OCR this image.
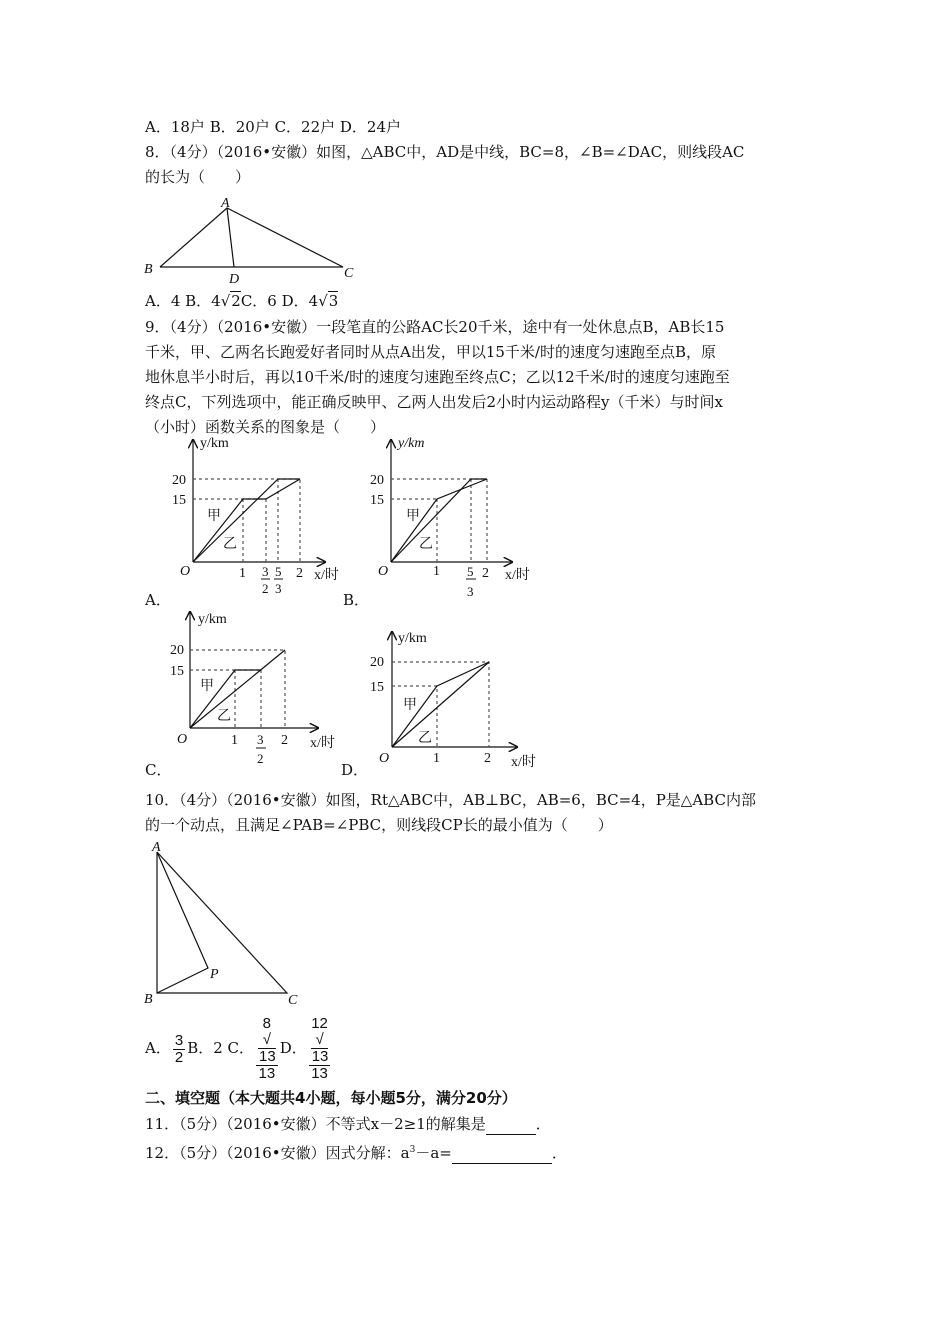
A．18户 B．20户 C．22户 D．24户
8．（4分）（2016•安徽）如图，△ABC中，AD是中线，BC=8，∠B=∠DAC，则线段AC
的长为（　　）
A．4 B．4√2C．6 D．4√3
9．（4分）（2016•安徽）一段笔直的公路AC长20千米，途中有一处休息点B，AB长15
千米，甲、乙两名长跑爱好者同时从点A出发，甲以15千米/时的速度匀速跑至点B，原
地休息半小时后，再以10千米/时的速度匀速跑至终点C；乙以12千米/时的速度匀速跑至
终点C，下列选项中，能正确反映甲、乙两人出发后2小时内运动路程y（千米）与时间x
（小时）函数关系的图象是（　　）
A．	B．
C．	D．
10．（4分）（2016•安徽）如图，Rt△ABC中，AB⊥BC，AB=6，BC=4，P是△ABC内部
的一个动点，且满足∠PAB=∠PBC，则线段CP长的最小值为（　　）
A． $\frac{3}{2}$ B．2 C． 8
√
13
13 D． 12
√
13
13
二、填空题（本大题共4小题，每小题5分，满分20分）
11．（5分）（2016•安徽）不等式x－2≥1的解集是	．
12．（5分）（2016•安徽）因式分解：$a^3-a=$	．
A
B
D	C
A
B	C
P
y/km
20
15
甲
乙
O	1 3
2
5
3
2 x/时
y/km
20
15
甲
乙
O	1 5
3
2 x/时
y/km
20
15
甲
乙
O	1 3
2
2 x/时
y/km
20
15
甲
乙
O	1	2 x/时
